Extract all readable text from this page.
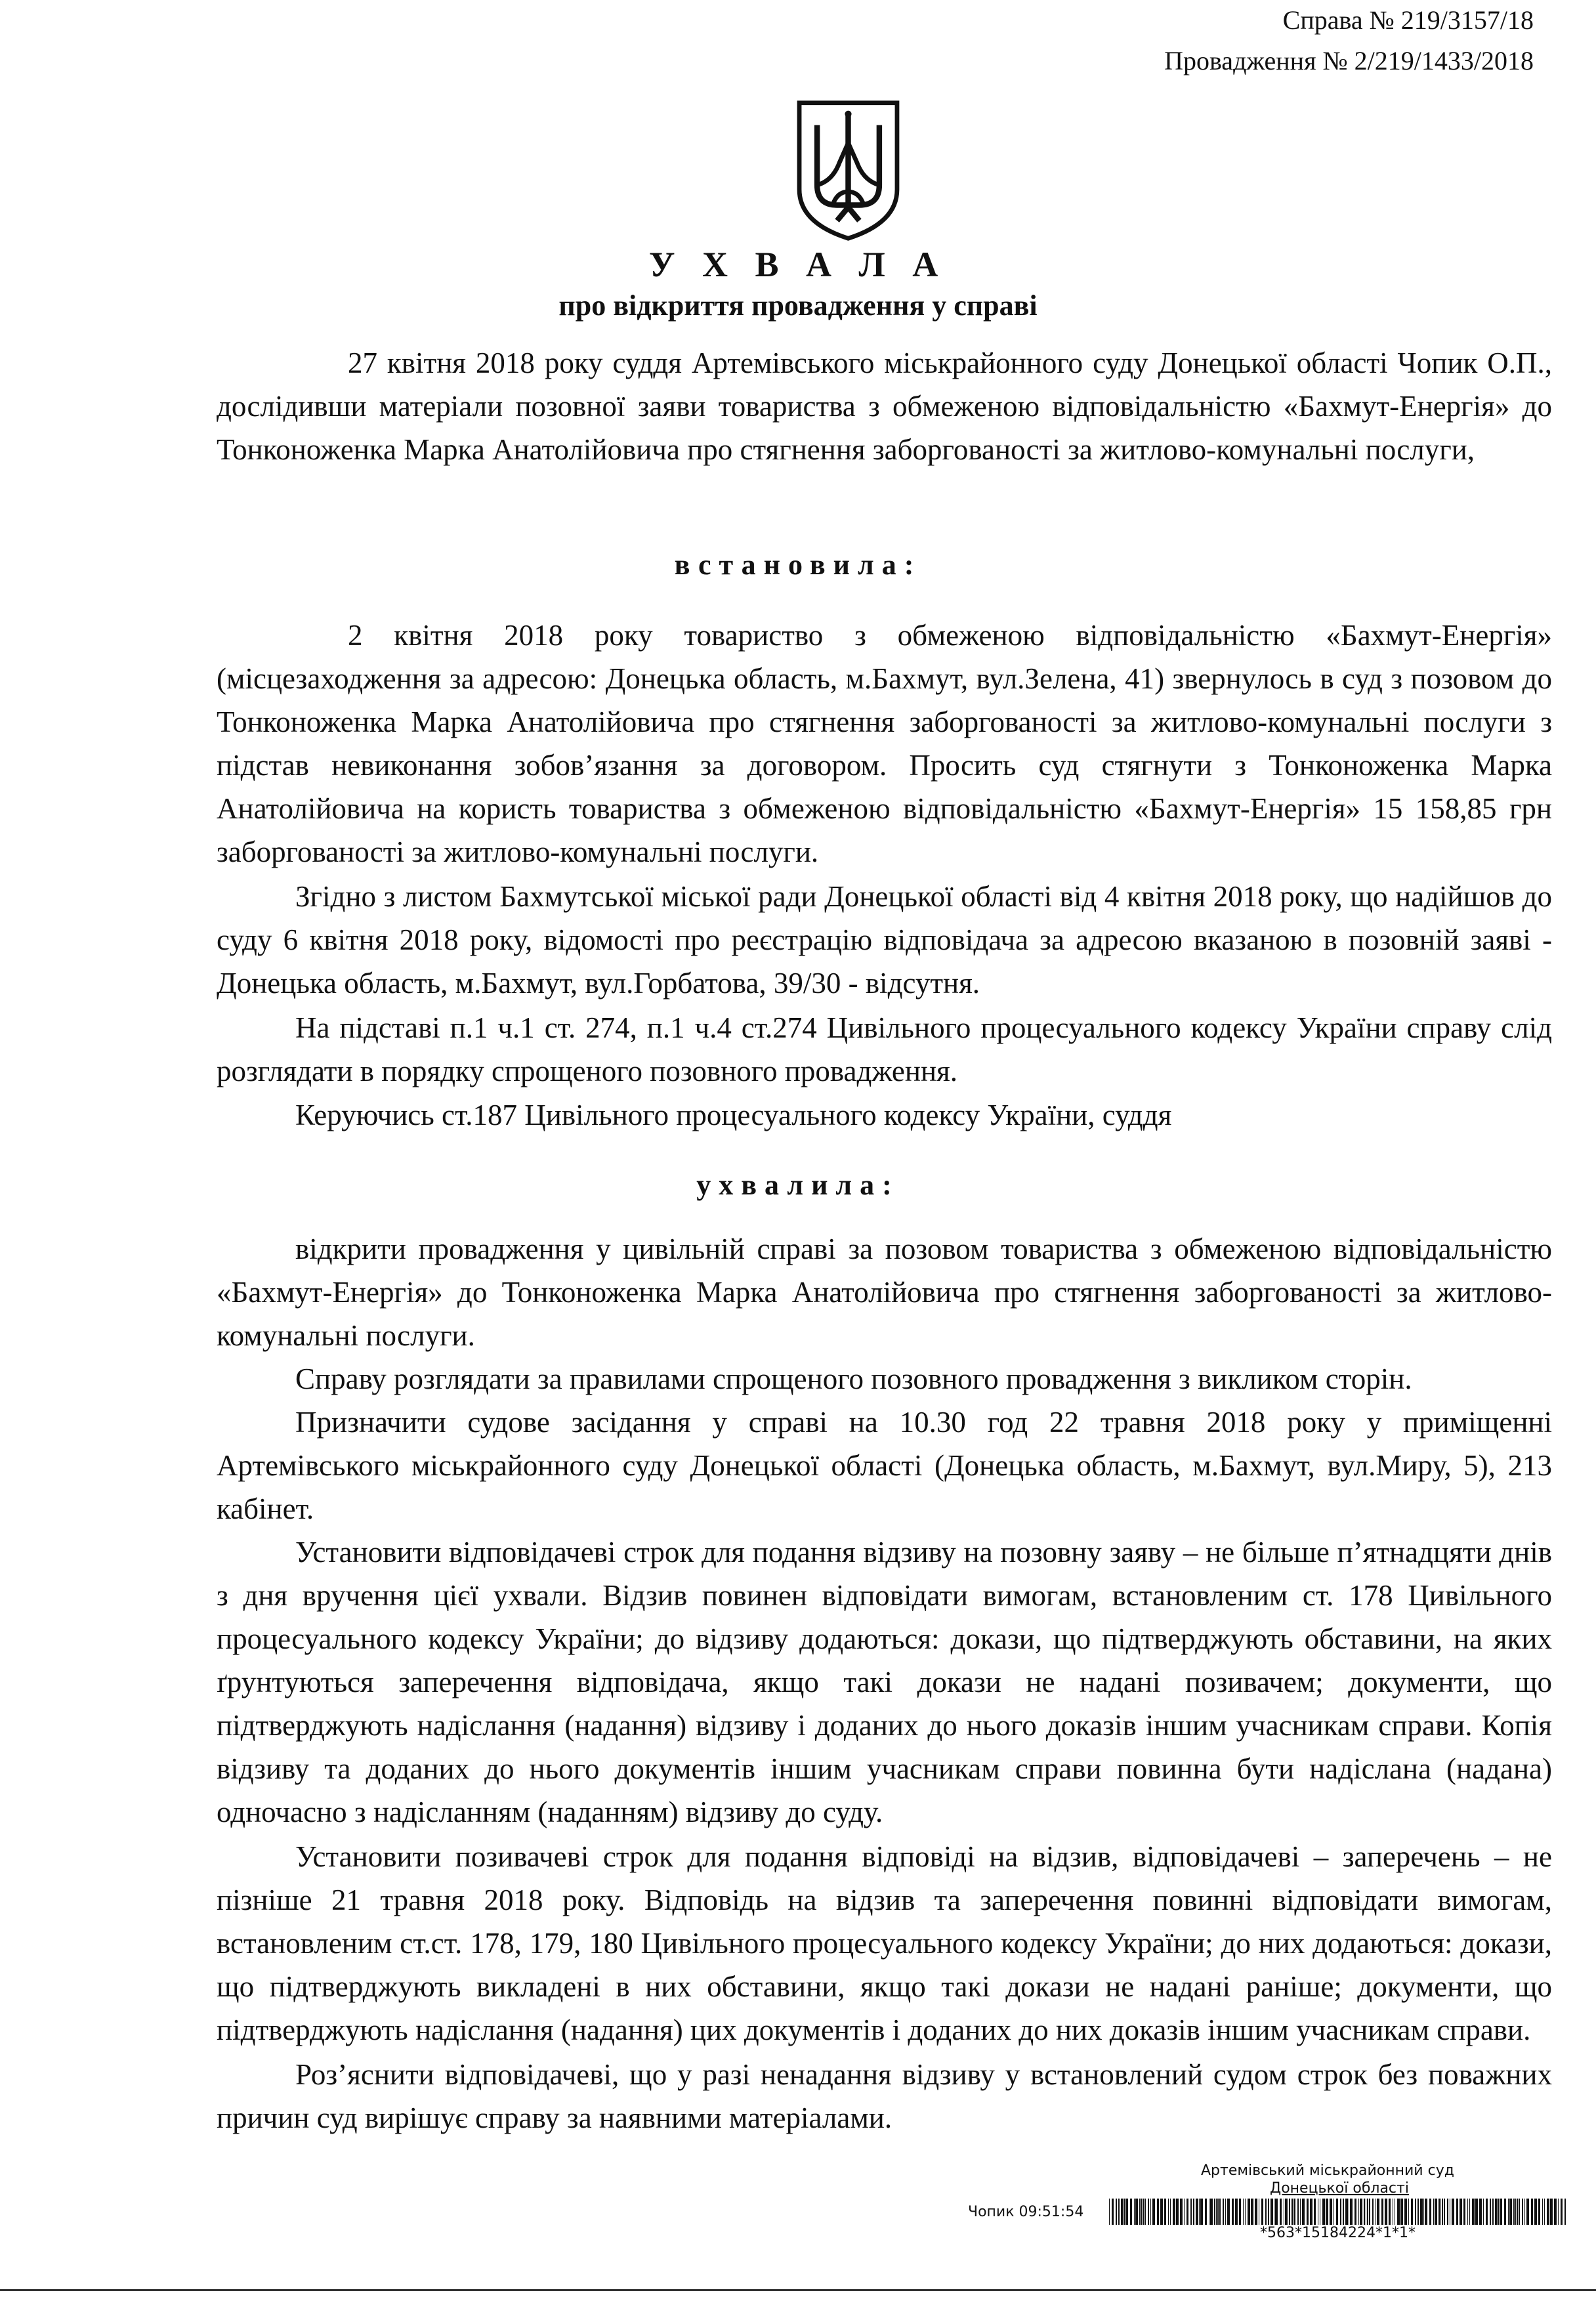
Справа № 219/3157/18
Провадження № 2/219/1433/2018
У Х В А Л А
про відкриття провадження у справі

27 квітня 2018 року суддя Артемівського міськрайонного суду Донецької області Чопик О.П., дослідивши матеріали позовної заяви товариства з обмеженою відповідальністю «Бахмут-Енергія» до Тонконоженка Марка Анатолійовича про стягнення заборгованості за житлово-комунальні послуги,

встановила:

2 квітня 2018 року товариство з обмеженою відповідальністю «Бахмут-Енергія» (місцезаходження за адресою: Донецька область, м.Бахмут, вул.Зелена, 41) звернулось в суд з позовом до Тонконоженка Марка Анатолійовича про стягнення заборгованості за житлово-комунальні послуги з підстав невиконання зобов’язання за договором. Просить суд стягнути з Тонконоженка Марка Анатолійовича на користь товариства з обмеженою відповідальністю «Бахмут-Енергія» 15 158,85 грн заборгованості за житлово-комунальні послуги.

Згідно з листом Бахмутської міської ради Донецької області від 4 квітня 2018 року, що надійшов до суду 6 квітня 2018 року, відомості про реєстрацію відповідача за адресою вказаною в позовній заяві - Донецька область, м.Бахмут, вул.Горбатова, 39/30 - відсутня.

На підставі п.1 ч.1 ст. 274, п.1 ч.4 ст.274 Цивільного процесуального кодексу України справу слід розглядати в порядку спрощеного позовного провадження.

Керуючись ст.187 Цивільного процесуального кодексу України, суддя

ухвалила:

відкрити провадження у цивільній справі за позовом товариства з обмеженою відповідальністю «Бахмут-Енергія» до Тонконоженка Марка Анатолійовича про стягнення заборгованості за житлово-комунальні послуги.

Справу розглядати за правилами спрощеного позовного провадження з викликом сторін.

Призначити судове засідання у справі на 10.30 год 22 травня 2018 року у приміщенні Артемівського міськрайонного суду Донецької області (Донецька область, м.Бахмут, вул.Миру, 5), 213 кабінет.

Установити відповідачеві строк для подання відзиву на позовну заяву – не більше п’ятнадцяти днів з дня вручення цієї ухвали. Відзив повинен відповідати вимогам, встановленим ст. 178 Цивільного процесуального кодексу України; до відзиву додаються: докази, що підтверджують обставини, на яких ґрунтуються заперечення відповідача, якщо такі докази не надані позивачем; документи, що підтверджують надіслання (надання) відзиву і доданих до нього доказів іншим учасникам справи. Копія відзиву та доданих до нього документів іншим учасникам справи повинна бути надіслана (надана) одночасно з надісланням (наданням) відзиву до суду.

Установити позивачеві строк для подання відповіді на відзив, відповідачеві – заперечень – не пізніше 21 травня 2018 року. Відповідь на відзив та заперечення повинні відповідати вимогам, встановленим ст.ст. 178, 179, 180 Цивільного процесуального кодексу України; до них додаються: докази, що підтверджують викладені в них обставини, якщо такі докази не надані раніше; документи, що підтверджують надіслання (надання) цих документів і доданих до них доказів іншим учасникам справи.

Роз’яснити відповідачеві, що у разі ненадання відзиву у встановлений судом строк без поважних причин суд вирішує справу за наявними матеріалами.

Артемівський міськрайонний суд
Донецької області
Чопик 09:51:54
*563*15184224*1*1*
